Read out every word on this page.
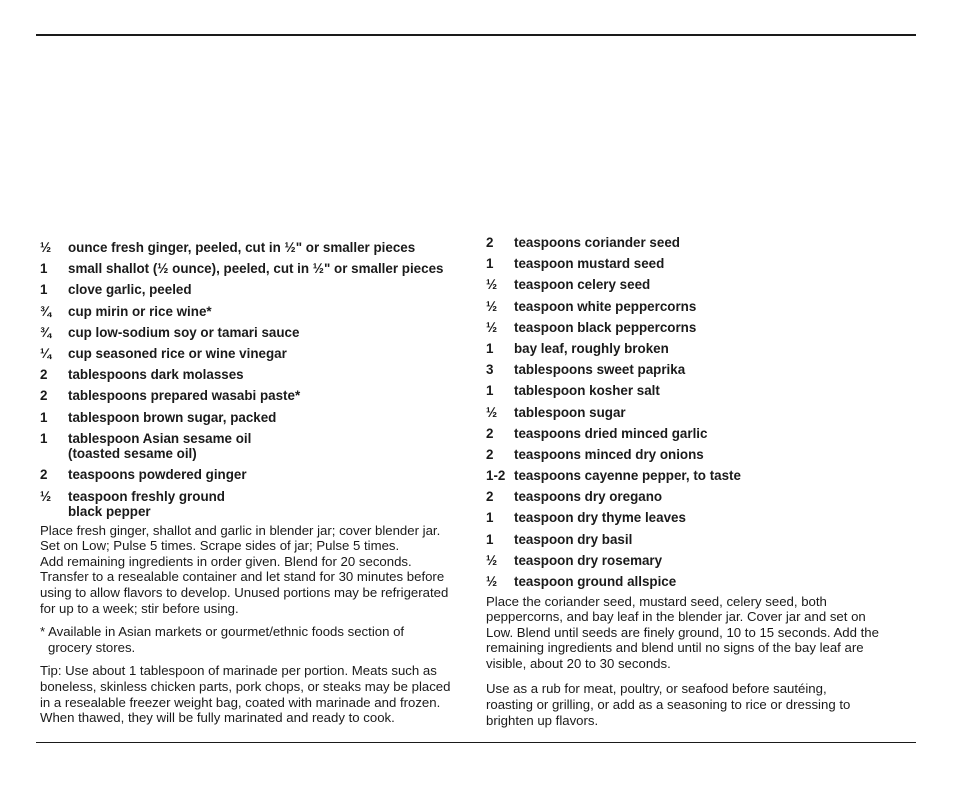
½	ounce fresh ginger, peeled, cut in ½" or smaller pieces
1	small shallot (½ ounce), peeled, cut in ½" or smaller pieces
1	clove garlic, peeled
¾	cup mirin or rice wine*
¾	cup low-sodium soy or tamari sauce
¼	cup seasoned rice or wine vinegar
2	tablespoons dark molasses
2	tablespoons prepared wasabi paste*
1	tablespoon brown sugar, packed
1	tablespoon Asian sesame oil
(toasted sesame oil)
2	teaspoons powdered ginger
½	teaspoon freshly ground
black pepper

Place fresh ginger, shallot and garlic in blender jar; cover blender jar.
Set on Low; Pulse 5 times. Scrape sides of jar; Pulse 5 times.
Add remaining ingredients in order given. Blend for 20 seconds.
Transfer to a resealable container and let stand for 30 minutes before
using to allow flavors to develop. Unused portions may be refrigerated
for up to a week; stir before using.

* Available in Asian markets or gourmet/ethnic foods section of
grocery stores.

Tip: Use about 1 tablespoon of marinade per portion. Meats such as
boneless, skinless chicken parts, pork chops, or steaks may be placed
in a resealable freezer weight bag, coated with marinade and frozen.
When thawed, they will be fully marinated and ready to cook.

2	teaspoons coriander seed
1	teaspoon mustard seed
½	teaspoon celery seed
½	teaspoon white peppercorns
½	teaspoon black peppercorns
1	bay leaf, roughly broken
3	tablespoons sweet paprika
1	tablespoon kosher salt
½	tablespoon sugar
2	teaspoons dried minced garlic
2	teaspoons minced dry onions
1-2 teaspoons cayenne pepper, to taste
2	teaspoons dry oregano
1	teaspoon dry thyme leaves
1	teaspoon dry basil
½	teaspoon dry rosemary
½	teaspoon ground allspice

Place the coriander seed, mustard seed, celery seed, both
peppercorns, and bay leaf in the blender jar. Cover jar and set on
Low. Blend until seeds are finely ground, 10 to 15 seconds. Add the
remaining ingredients and blend until no signs of the bay leaf are
visible, about 20 to 30 seconds.

Use as a rub for meat, poultry, or seafood before sautéing,
roasting or grilling, or add as a seasoning to rice or dressing to
brighten up flavors.
